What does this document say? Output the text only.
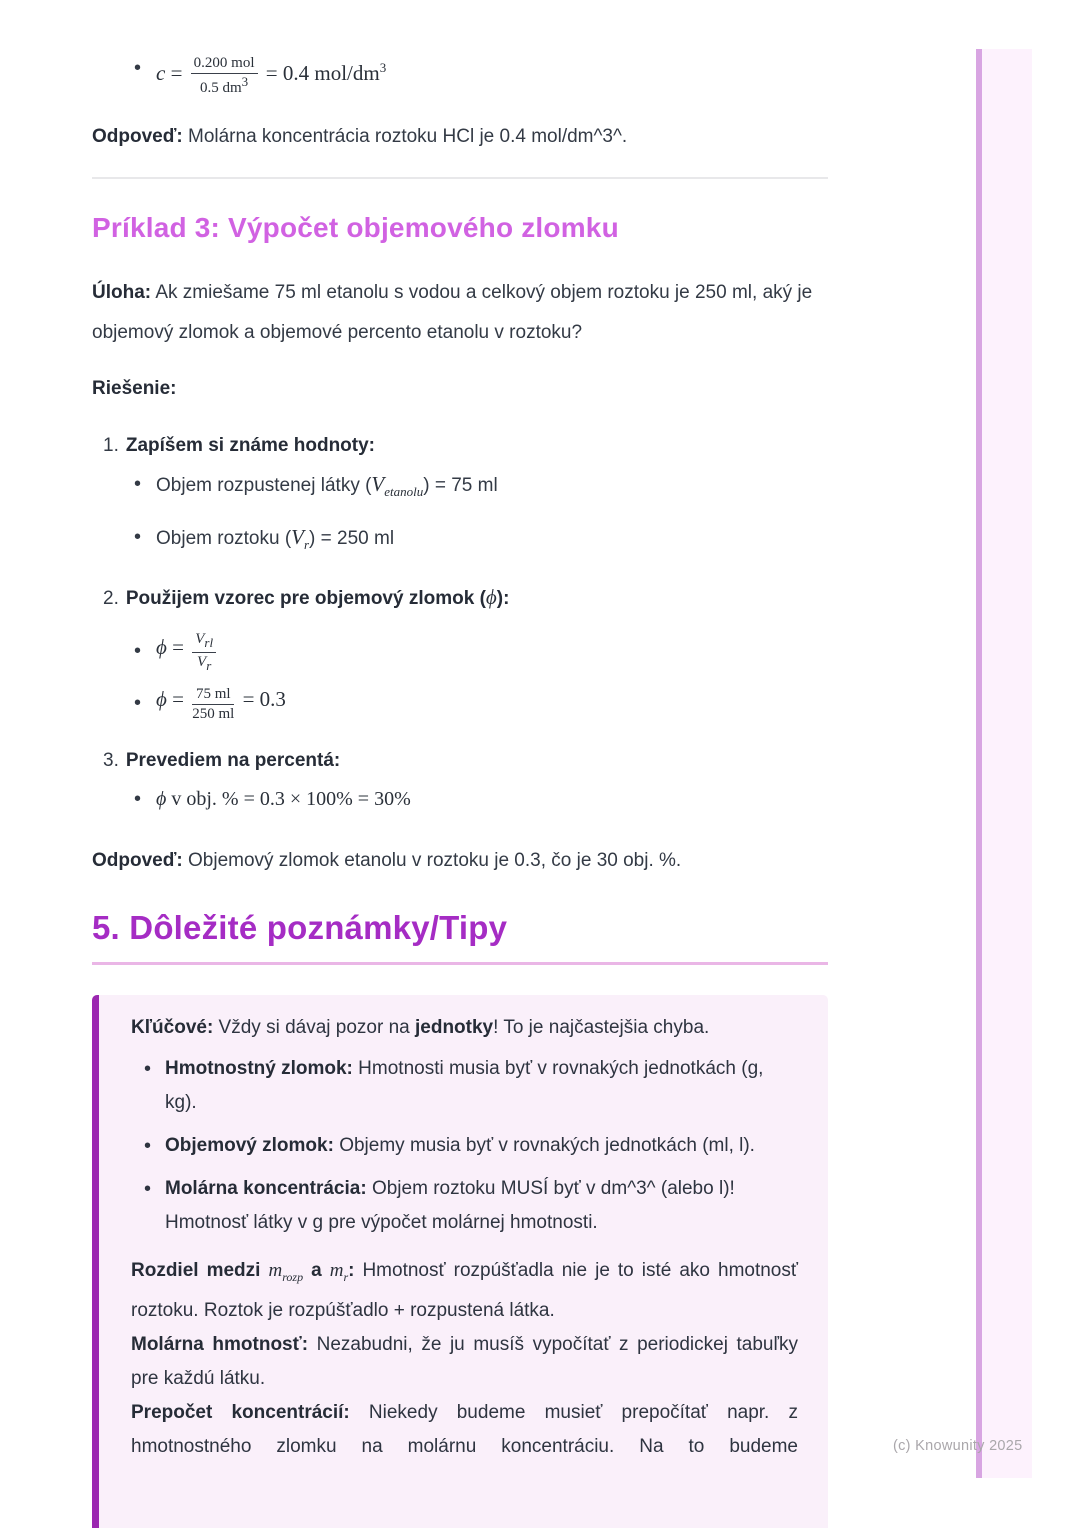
• $c = \frac{\text{0.200 mol}}{0.5 dm^3} = 0.4$ mol/$dm^3$

Odpoveď: Molárna koncentrácia roztoku HCl je 0.4 mol/dm^3^.

Príklad 3: Výpočet objemového zlomku

Úloha: Ak zmiešame 75 ml etanolu s vodou a celkový objem roztoku je 250 ml, aký je objemový zlomok a objemové percento etanolu v roztoku?

Riešenie:

1. Zapíšem si známe hodnoty:
• Objem rozpustenej látky $(V_{etanolu}) = 75$ ml
• Objem roztoku $(V_r) = 250$ ml
2. Použijem vzorec pre objemový zlomok (ϕ):
• $\phi = \frac{V_{rl}}{V_r}$
• $\phi = \frac{75 ml}{250 ml} = 0.3$
3. Prevediem na percentá:
• ϕ v obj. % = 0.3 × 100% = 30%

Odpoveď: Objemový zlomok etanolu v roztoku je 0.3, čo je 30 obj. %.

5. Dôležité poznámky/Tipy

Kľúčové: Vždy si dávaj pozor na jednotky! To je najčastejšia chyba.

• Hmotnostný zlomok: Hmotnosti musia byť v rovnakých jednotkách (g, kg).
• Objemový zlomok: Objemy musia byť v rovnakých jednotkách (ml, l).
• Molárna koncentrácia: Objem roztoku MUSÍ byť v dm^3^ (alebo l)! Hmotnosť látky v g pre výpočet molárnej hmotnosti.

Rozdiel medzi $m_{rozp}$ a $m_r$: Hmotnosť rozpúšťadla nie je to isté ako hmotnosť roztoku. Roztok je rozpúšťadlo + rozpustená látka.

Molárna hmotnosť: Nezabudni, že ju musíš vypočítať z periodickej tabuľky pre každú látku.

Prepočet koncentrácií: Niekedy budeme musieť prepočítať napr. z hmotnostného zlomku na molárnu koncentráciu. Na to budeme	(c) Knowunity 2025
